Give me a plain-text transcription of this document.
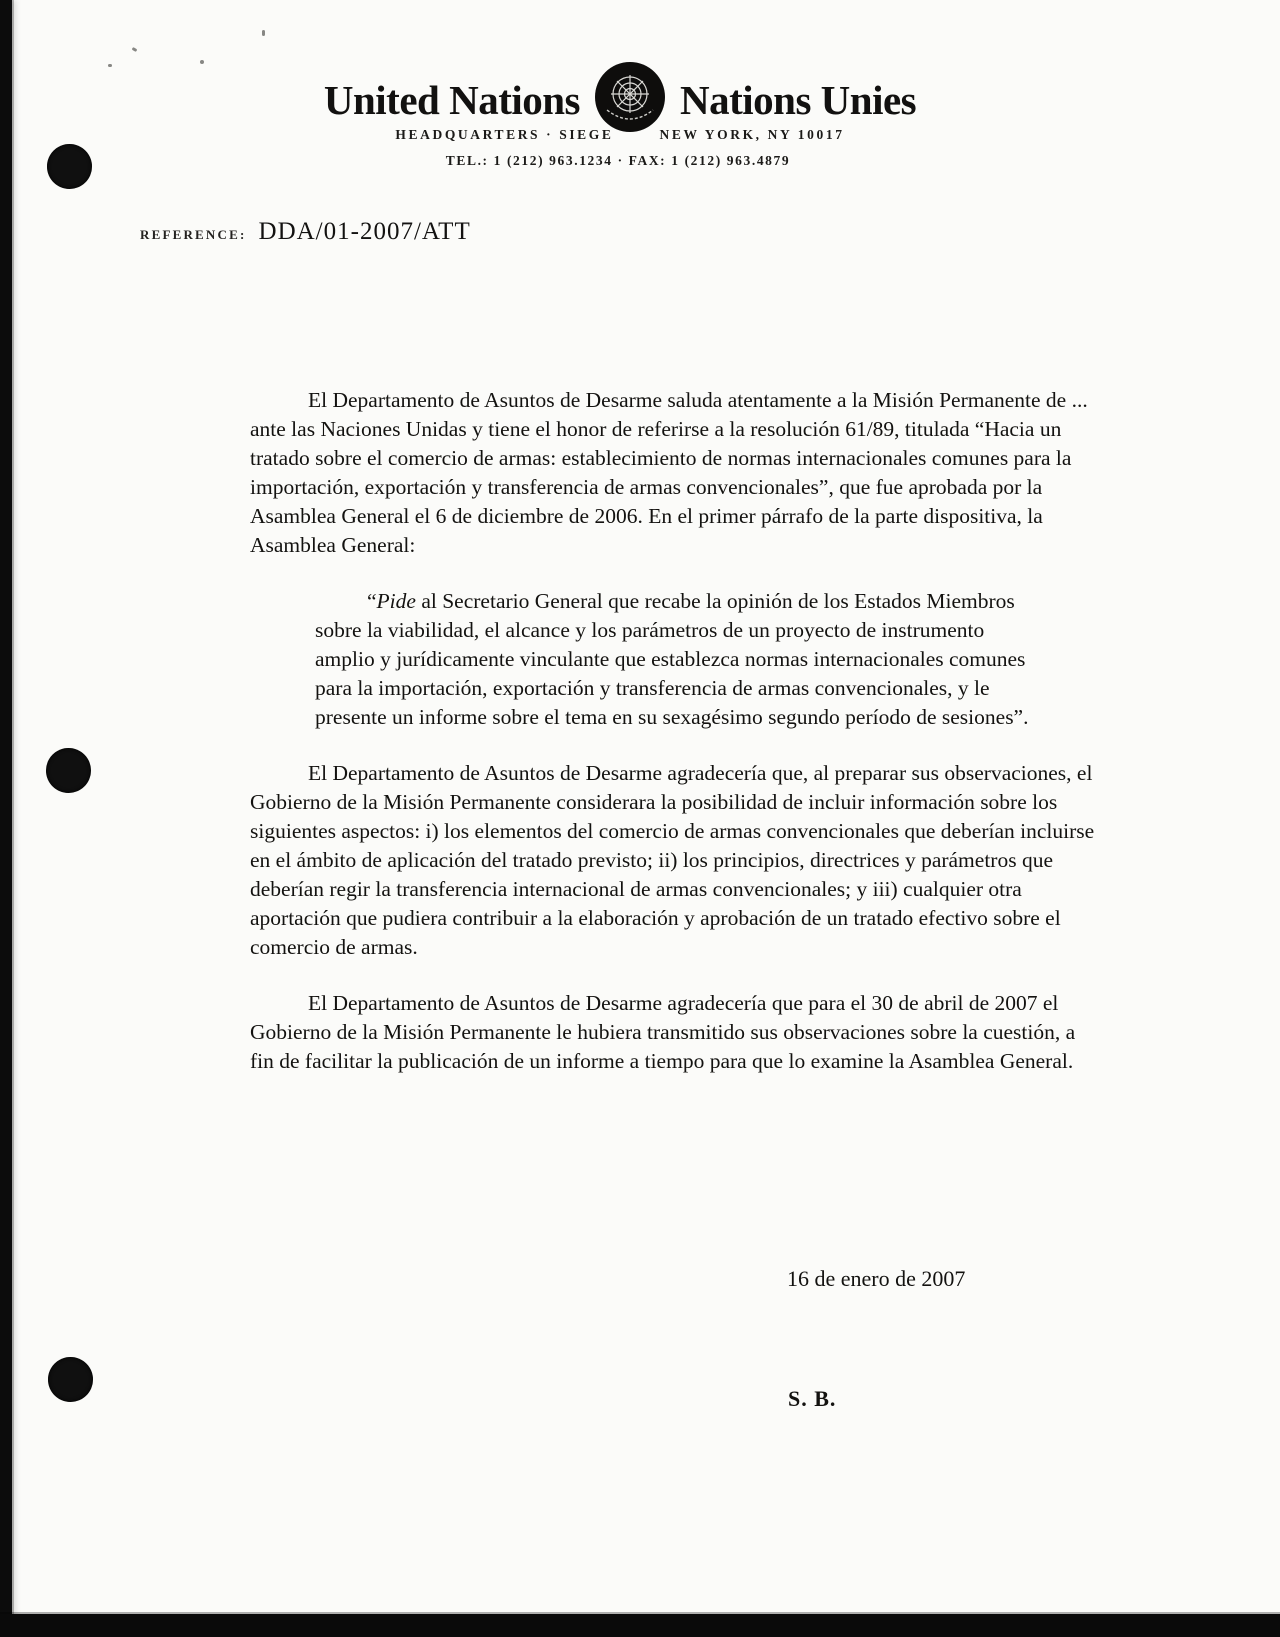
United Nations Nations Unies
HEADQUARTERS · SIEGE	NEW YORK, NY 10017
TEL.: 1 (212) 963.1234 · FAX: 1 (212) 963.4879
REFERENCE: DDA/01-2007/ATT

El Departamento de Asuntos de Desarme saluda atentamente a la Misión Permanente de ... ante las Naciones Unidas y tiene el honor de referirse a la resolución 61/89, titulada “Hacia un tratado sobre el comercio de armas: establecimiento de normas internacionales comunes para la importación, exportación y transferencia de armas convencionales”, que fue aprobada por la Asamblea General el 6 de diciembre de 2006. En el primer párrafo de la parte dispositiva, la Asamblea General:

“Pide al Secretario General que recabe la opinión de los Estados Miembros sobre la viabilidad, el alcance y los parámetros de un proyecto de instrumento amplio y jurídicamente vinculante que establezca normas internacionales comunes para la importación, exportación y transferencia de armas convencionales, y le presente un informe sobre el tema en su sexagésimo segundo período de sesiones”.

El Departamento de Asuntos de Desarme agradecería que, al preparar sus observaciones, el Gobierno de la Misión Permanente considerara la posibilidad de incluir información sobre los siguientes aspectos: i) los elementos del comercio de armas convencionales que deberían incluirse en el ámbito de aplicación del tratado previsto; ii) los principios, directrices y parámetros que deberían regir la transferencia internacional de armas convencionales; y iii) cualquier otra aportación que pudiera contribuir a la elaboración y aprobación de un tratado efectivo sobre el comercio de armas.

El Departamento de Asuntos de Desarme agradecería que para el 30 de abril de 2007 el Gobierno de la Misión Permanente le hubiera transmitido sus observaciones sobre la cuestión, a fin de facilitar la publicación de un informe a tiempo para que lo examine la Asamblea General.

16 de enero de 2007
S. B.
